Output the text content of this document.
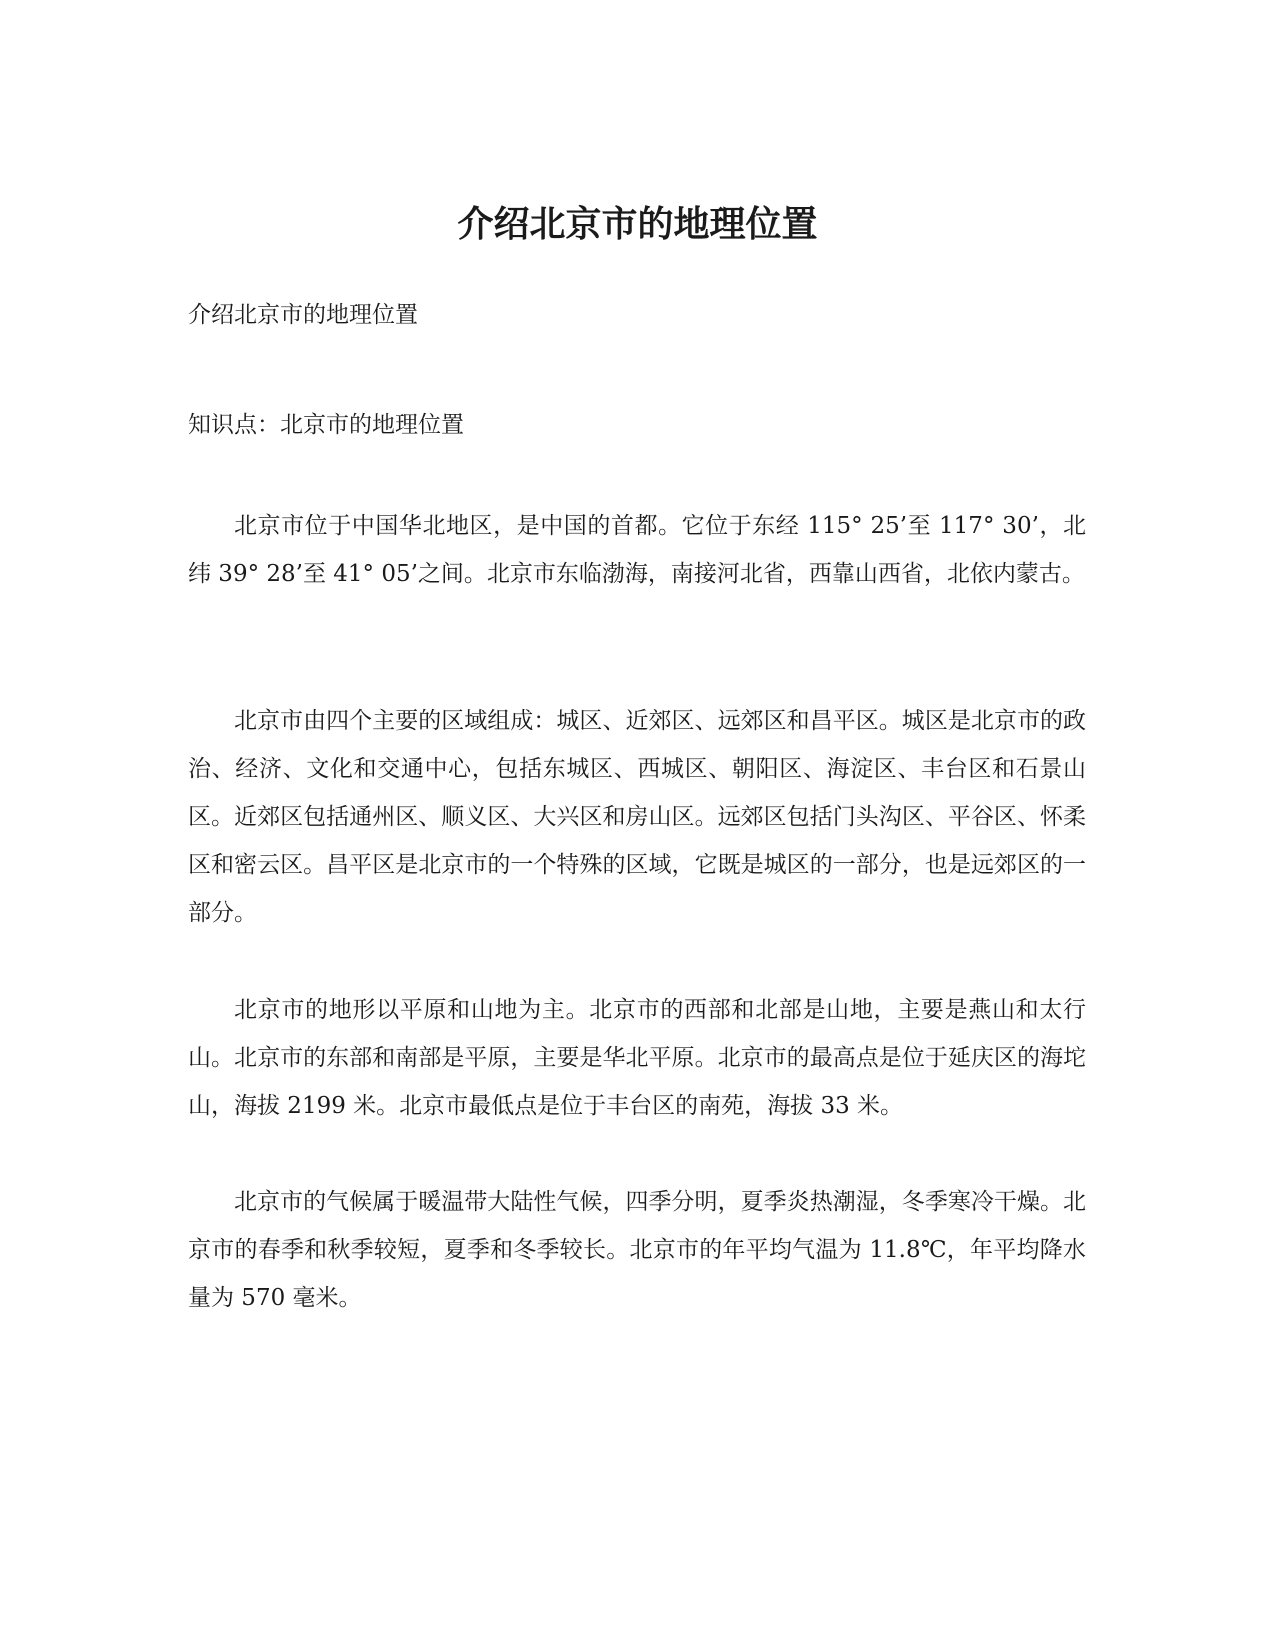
介绍北京市的地理位置

介绍北京市的地理位置

知识点：北京市的地理位置

北京市位于中国华北地区，是中国的首都。它位于东经 115° 25’至 117° 30’，北纬 39° 28’至 41° 05’之间。北京市东临渤海，南接河北省，西靠山西省，北依内蒙古。

北京市由四个主要的区域组成：城区、近郊区、远郊区和昌平区。城区是北京市的政治、经济、文化和交通中心，包括东城区、西城区、朝阳区、海淀区、丰台区和石景山区。近郊区包括通州区、顺义区、大兴区和房山区。远郊区包括门头沟区、平谷区、怀柔区和密云区。昌平区是北京市的一个特殊的区域，它既是城区的一部分，也是远郊区的一部分。

北京市的地形以平原和山地为主。北京市的西部和北部是山地，主要是燕山和太行山。北京市的东部和南部是平原，主要是华北平原。北京市的最高点是位于延庆区的海坨山，海拔 2199 米。北京市最低点是位于丰台区的南苑，海拔 33 米。

北京市的气候属于暖温带大陆性气候，四季分明，夏季炎热潮湿，冬季寒冷干燥。北京市的春季和秋季较短，夏季和冬季较长。北京市的年平均气温为 11.8℃，年平均降水量为 570 毫米。
